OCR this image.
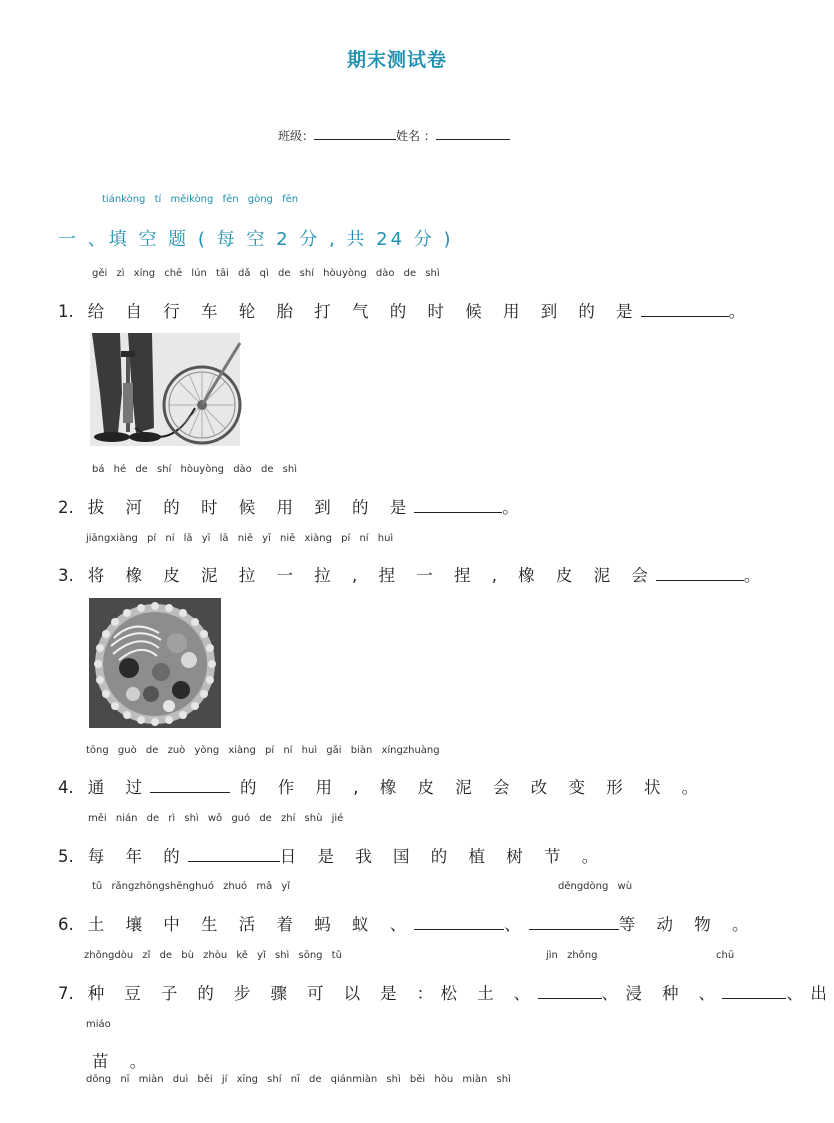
期末测试卷
班级：	姓名 ：
tiánkòng tí měikòng fēn gòng fēn
一 、填 空 题 ( 每 空 2 分 , 共 24 分 )
gěi zì xíng chē lún tāi dǎ qì de shí hòuyòng dào de shì
1. 给 自 行 车 轮 胎 打 气 的 时 候 用 到 的 是	。
bá hé de shí hòuyòng dào de shì
2. 拔 河 的 时 候 用 到 的 是	。
jiāngxiàng pí ní lā yī lā niē yī niē xiàng pí ní huì
3. 将 橡 皮 泥 拉 一 拉 , 捏 一 捏 , 橡 皮 泥 会	。
tōng guò de zuò yòng xiàng pí ní huì gǎi biàn xíngzhuàng
4. 通 过	的 作 用 , 橡 皮 泥 会 改 变 形 状 。
měi nián de rì shì wǒ guó de zhí shù jié
5. 每 年 的	日 是 我 国 的 植 树 节 。
tǔ rǎngzhōngshēnghuó zhuó mǎ yǐ	děngdòng wù
6. 土 壤 中 生 活 着 蚂 蚁 、	、	等 动 物 。
zhǒngdòu zǐ de bù zhòu kě yǐ shì sōng tǔ	jìn zhǒng	chū
7. 种 豆 子 的 步 骤 可 以 是 ：松 土 、	、浸 种 、	、出
miáo
苗 。
dōng nī miàn duì běi jí xīng shí nī de qiánmiàn shì běi hòu miàn shì
